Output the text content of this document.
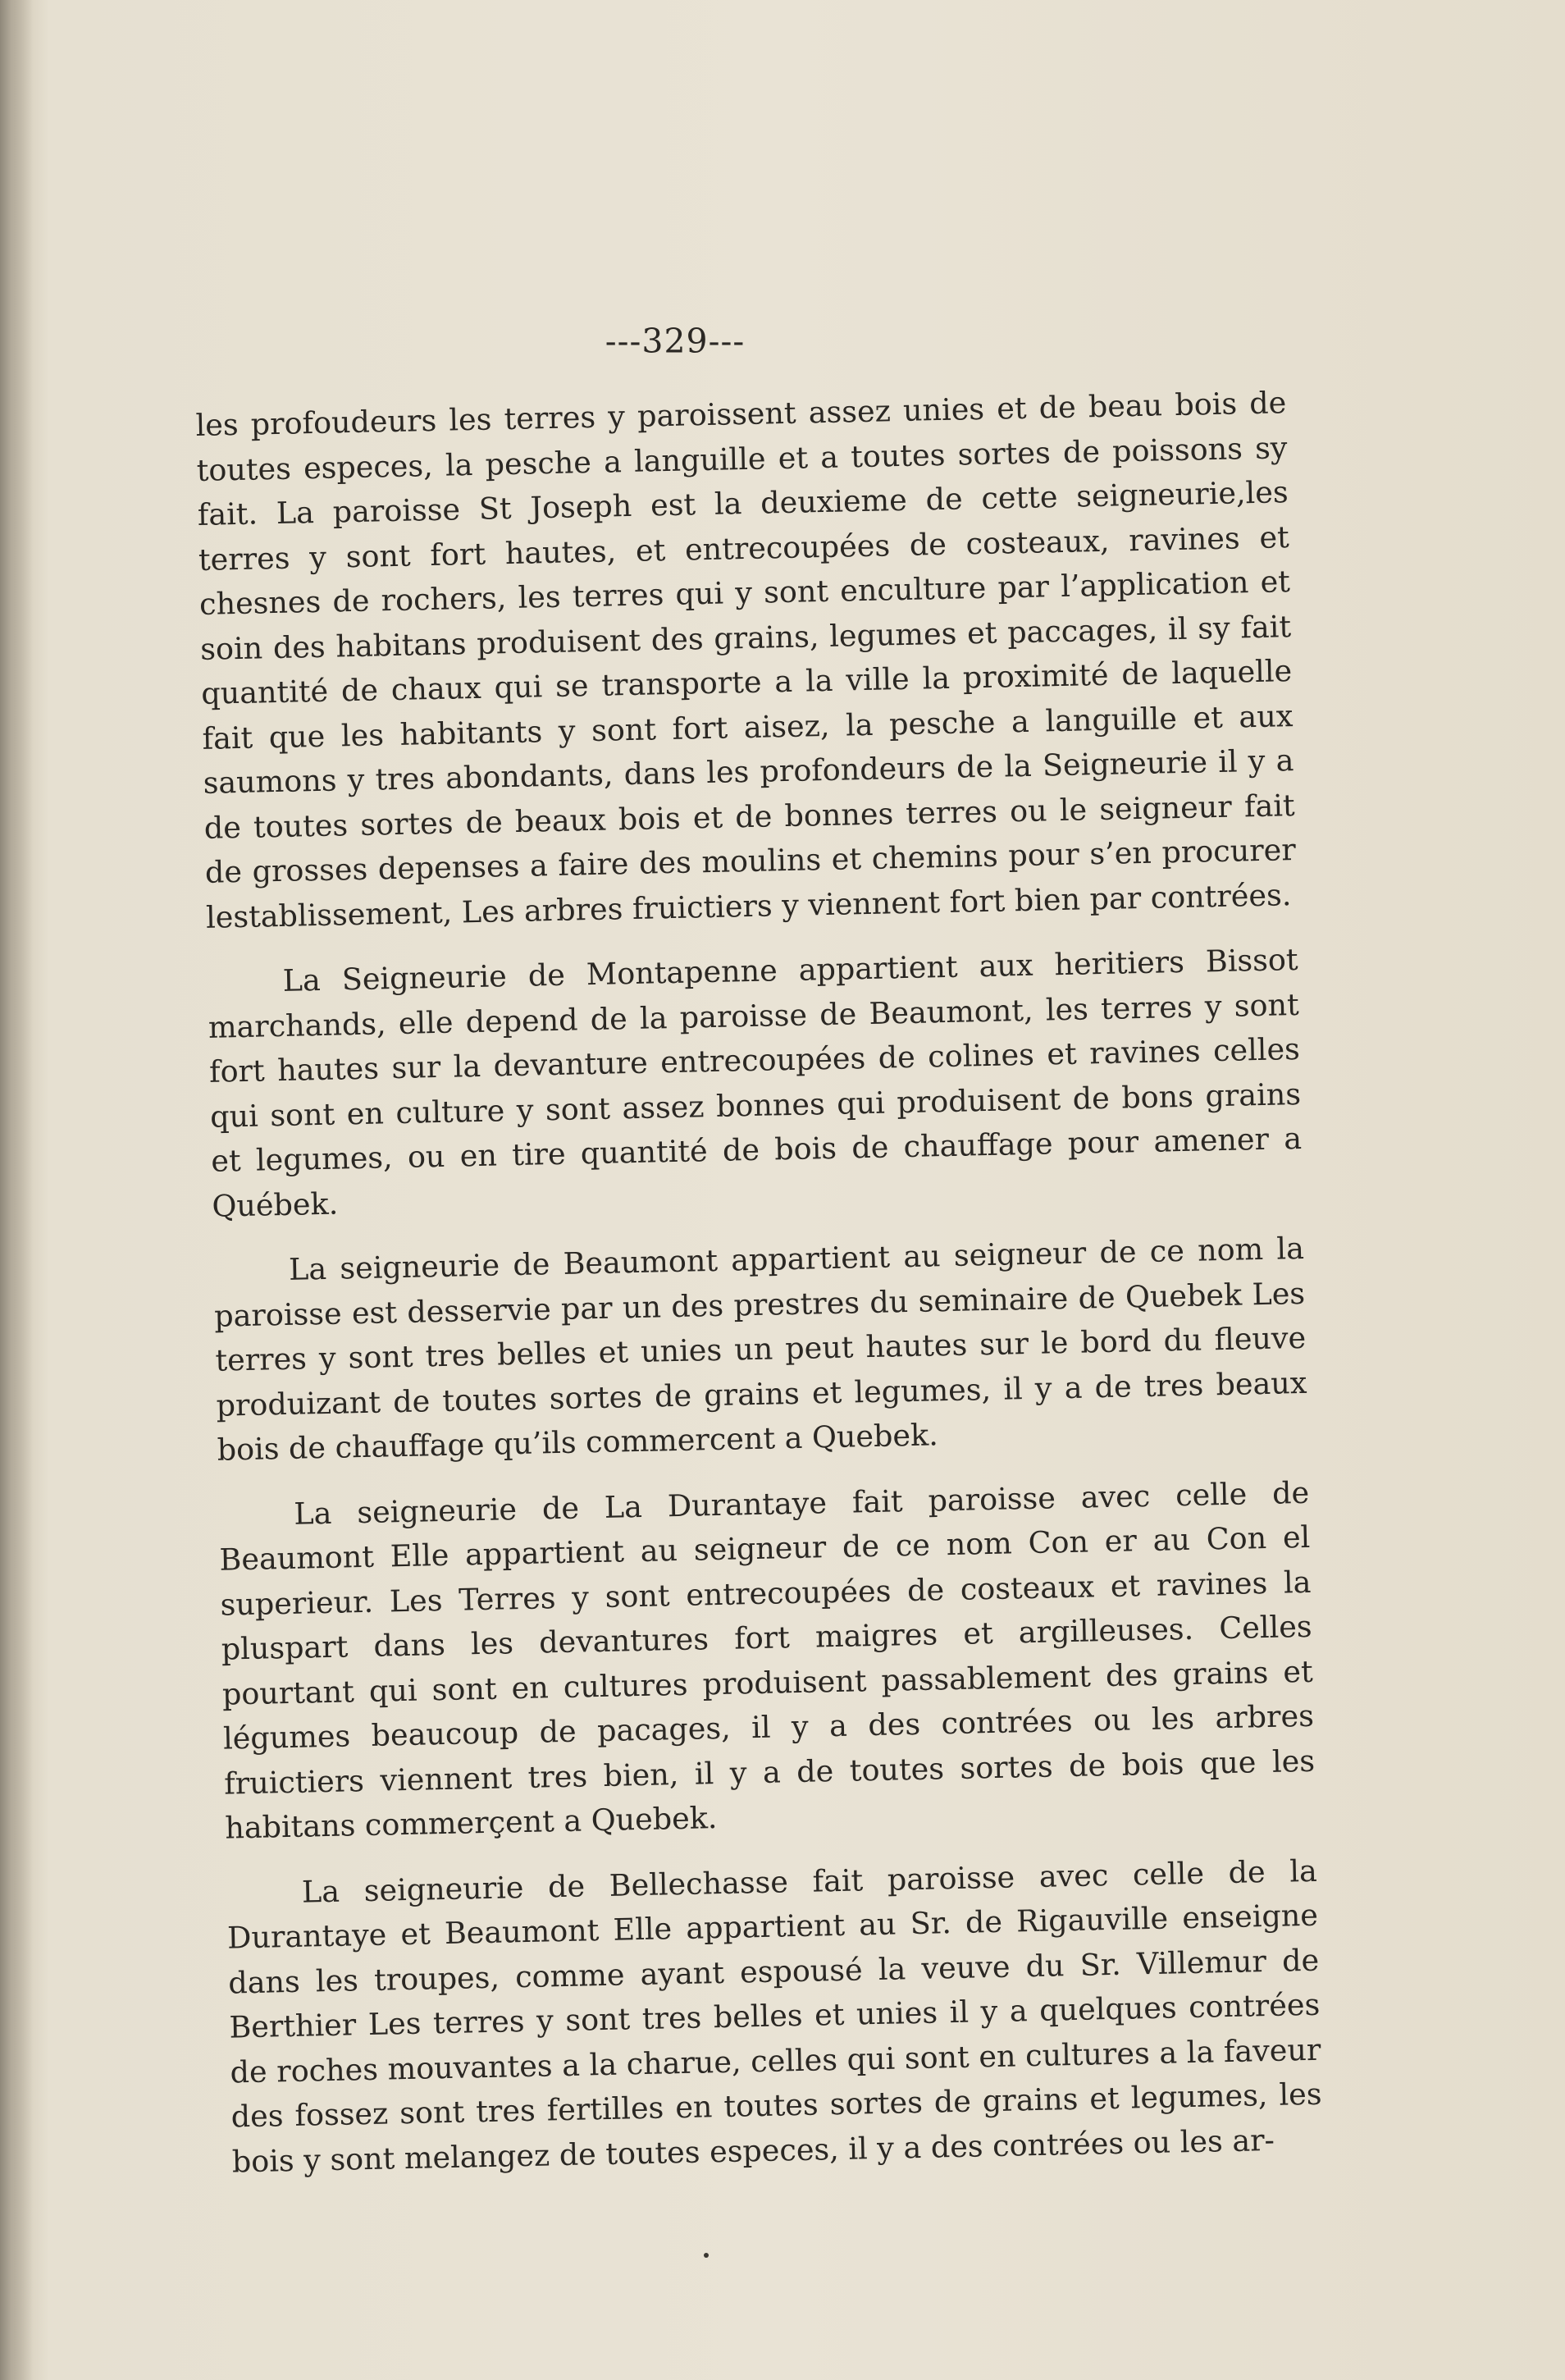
---329---

les profoudeurs les terres y paroissent assez unies et de beau bois de toutes especes, la pesche a languille et a toutes sortes de poissons sy fait. La paroisse St Joseph est la deuxieme de cette seigneurie,les terres y sont fort hautes, et entrecoupées de costeaux, ravines et chesnes de rochers, les terres qui y sont enculture par l’application et soin des habitans produisent des grains, legumes et paccages, il sy fait quantité de chaux qui se transporte a la ville la proximité de laquelle fait que les habitants y sont fort aisez, la pesche a languille et aux saumons y tres abondants, dans les profondeurs de la Seigneurie il y a de toutes sortes de beaux bois et de bonnes terres ou le seigneur fait de grosses depenses a faire des moulins et chemins pour s’en procurer lestablissement, Les arbres fruictiers y viennent fort bien par contrées.

La Seigneurie de Montapenne appartient aux heritiers Bissot marchands, elle depend de la paroisse de Beaumont, les terres y sont fort hautes sur la devanture entrecoupées de colines et ravines celles qui sont en culture y sont assez bonnes qui produisent de bons grains et legumes, ou en tire quantité de bois de chauffage pour amener a Québek.

La seigneurie de Beaumont appartient au seigneur de ce nom la paroisse est desservie par un des prestres du seminaire de Quebek Les terres y sont tres belles et unies un peut hautes sur le bord du fleuve produizant de toutes sortes de grains et legumes, il y a de tres beaux bois de chauffage qu’ils commercent a Quebek.

La seigneurie de La Durantaye fait paroisse avec celle de Beaumont Elle appartient au seigneur de ce nom Con er au Con el superieur. Les Terres y sont entrecoupées de costeaux et ravines la pluspart dans les devantures fort maigres et argilleuses. Celles pourtant qui sont en cultures produisent passablement des grains et légumes beaucoup de pacages, il y a des contrées ou les arbres fruictiers viennent tres bien, il y a de toutes sortes de bois que les habitans commerçent a Quebek.

La seigneurie de Bellechasse fait paroisse avec celle de la Durantaye et Beaumont Elle appartient au Sr. de Rigauville enseigne dans les troupes, comme ayant espousé la veuve du Sr. Villemur de Berthier Les terres y sont tres belles et unies il y a quelques contrées de roches mouvantes a la charue, celles qui sont en cultures a la faveur des fossez sont tres fertilles en toutes sortes de grains et legumes, les bois y sont melangez de toutes especes, il y a des contrées ou les ar-
